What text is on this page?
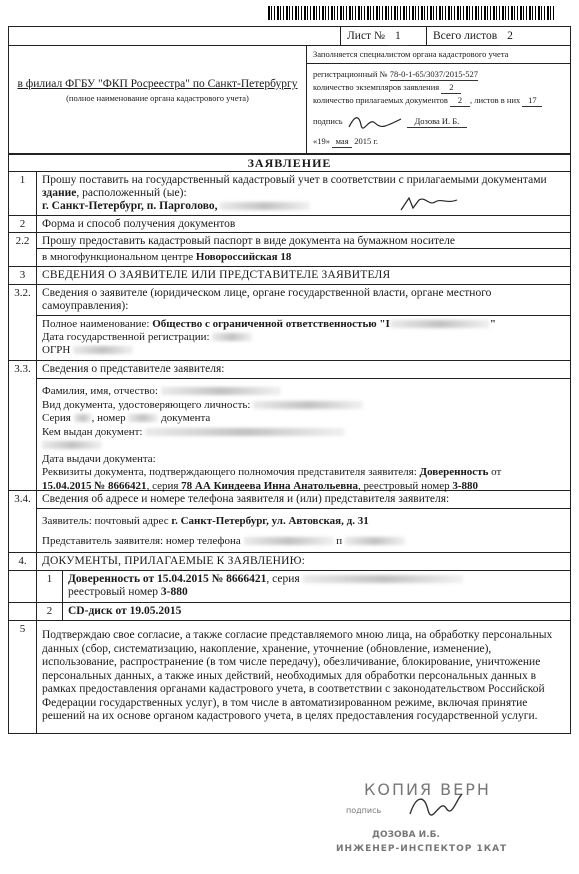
Лист № 1	Всего листов 2
в филиал ФГБУ "ФКП Росреестра" по Санкт-Петербургу
(полное наименование органа кадастрового учета)
Заполняется специалистом органа кадастрового учета
регистрационный № 78-0-1-65/3037/2015-527
количество экземпляров заявления 2
количество прилагаемых документов 2 , листов в них 17
подпись	Дозова И. Б.
«19» мая 2015 г.
ЗАЯВЛЕНИЕ
1	Прошу поставить на государственный кадастровый учет в соответствии с прилагаемыми документами здание, расположенный (ые):
г. Санкт-Петербург, п. Парголово,
2	Форма и способ получения документов
2.2	Прошу предоставить кадастровый паспорт в виде документа на бумажном носителе
в многофункциональном центре Новороссийская 18
3	СВЕДЕНИЯ О ЗАЯВИТЕЛЕ ИЛИ ПРЕДСТАВИТЕЛЕ ЗАЯВИТЕЛЯ
3.2. Сведения о заявителе (юридическом лице, органе государственной власти, органе местного самоуправления):
Полное наименование: Общество с ограниченной ответственностью "I	"
Дата государственной регистрации:
ОГРН
3.3. Сведения о представителе заявителя:
Фамилия, имя, отчество:
Вид документа, удостоверяющего личность:
Серия , номер	документа
Кем выдан документ:
Дата выдачи документа:
Реквизиты документа, подтверждающего полномочия представителя заявителя: Доверенность от
15.04.2015 № 8666421, серия 78 АА Киндеева Инна Анатольевна, реестровый номер 3-880
3.4. Сведения об адресе и номере телефона заявителя и (или) представителя заявителя:
Заявитель: почтовый адрес г. Санкт-Петербург, ул. Автовская, д. 31
Представитель заявителя: номер телефона	п
4.	ДОКУМЕНТЫ, ПРИЛАГАЕМЫЕ К ЗАЯВЛЕНИЮ:
1	Доверенность от 15.04.2015 № 8666421, серия
реестровый номер 3-880
2	CD-диск от 19.05.2015
5	Подтверждаю свое согласие, а также согласие представляемого мною лица, на обработку персональных данных (сбор, систематизацию, накопление, хранение, уточнение (обновление, изменение), использование, распространение (в том числе передачу), обезличивание, блокирование, уничтожение персональных данных, а также иных действий, необходимых для обработки персональных данных в рамках предоставления органами кадастрового учета, в соответствии с законодательством Российской Федерации государственных услуг), в том числе в автоматизированном режиме, включая принятие решений на их основе органом кадастрового учета, в целях предоставления государственной услуги.
КОПИЯ ВЕРН
подпись
ДОЗОВА И.Б.
ИНЖЕНЕР-ИНСПЕКТОР 1КАТ
